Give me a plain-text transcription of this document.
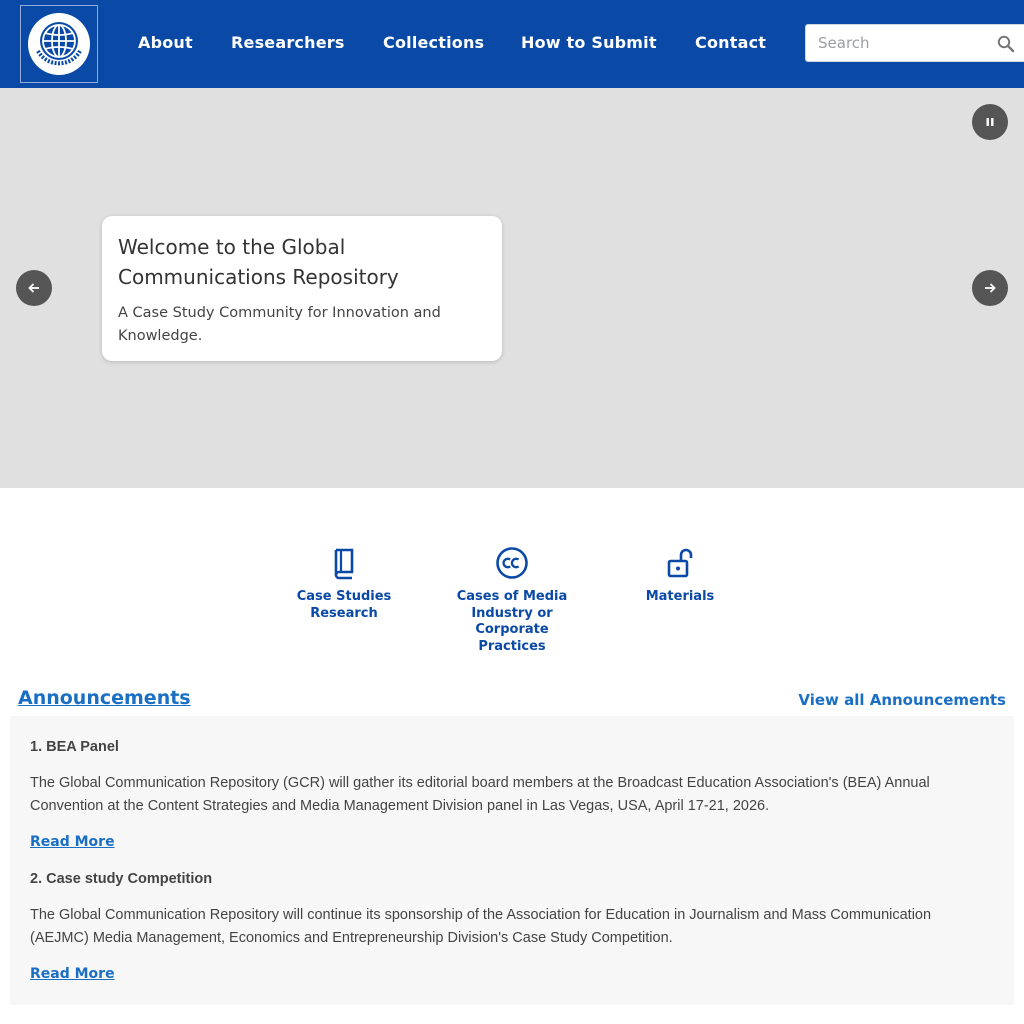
About Researchers Collections How to Submit Contact
Search
Welcome to the Global Communications Repository

A Case Study Community for Innovation and Knowledge.

Case Studies Research
Cases of Media Industry or Corporate Practices
Materials
Announcements	View all Announcements
1. BEA Panel
The Global Communication Repository (GCR) will gather its editorial board members at the Broadcast Education Association's (BEA) Annual Convention at the Content Strategies and Media Management Division panel in Las Vegas, USA, April 17-21, 2026.
Read More
2. Case study Competition
The Global Communication Repository will continue its sponsorship of the Association for Education in Journalism and Mass Communication (AEJMC) Media Management, Economics and Entrepreneurship Division's Case Study Competition.
Read More
